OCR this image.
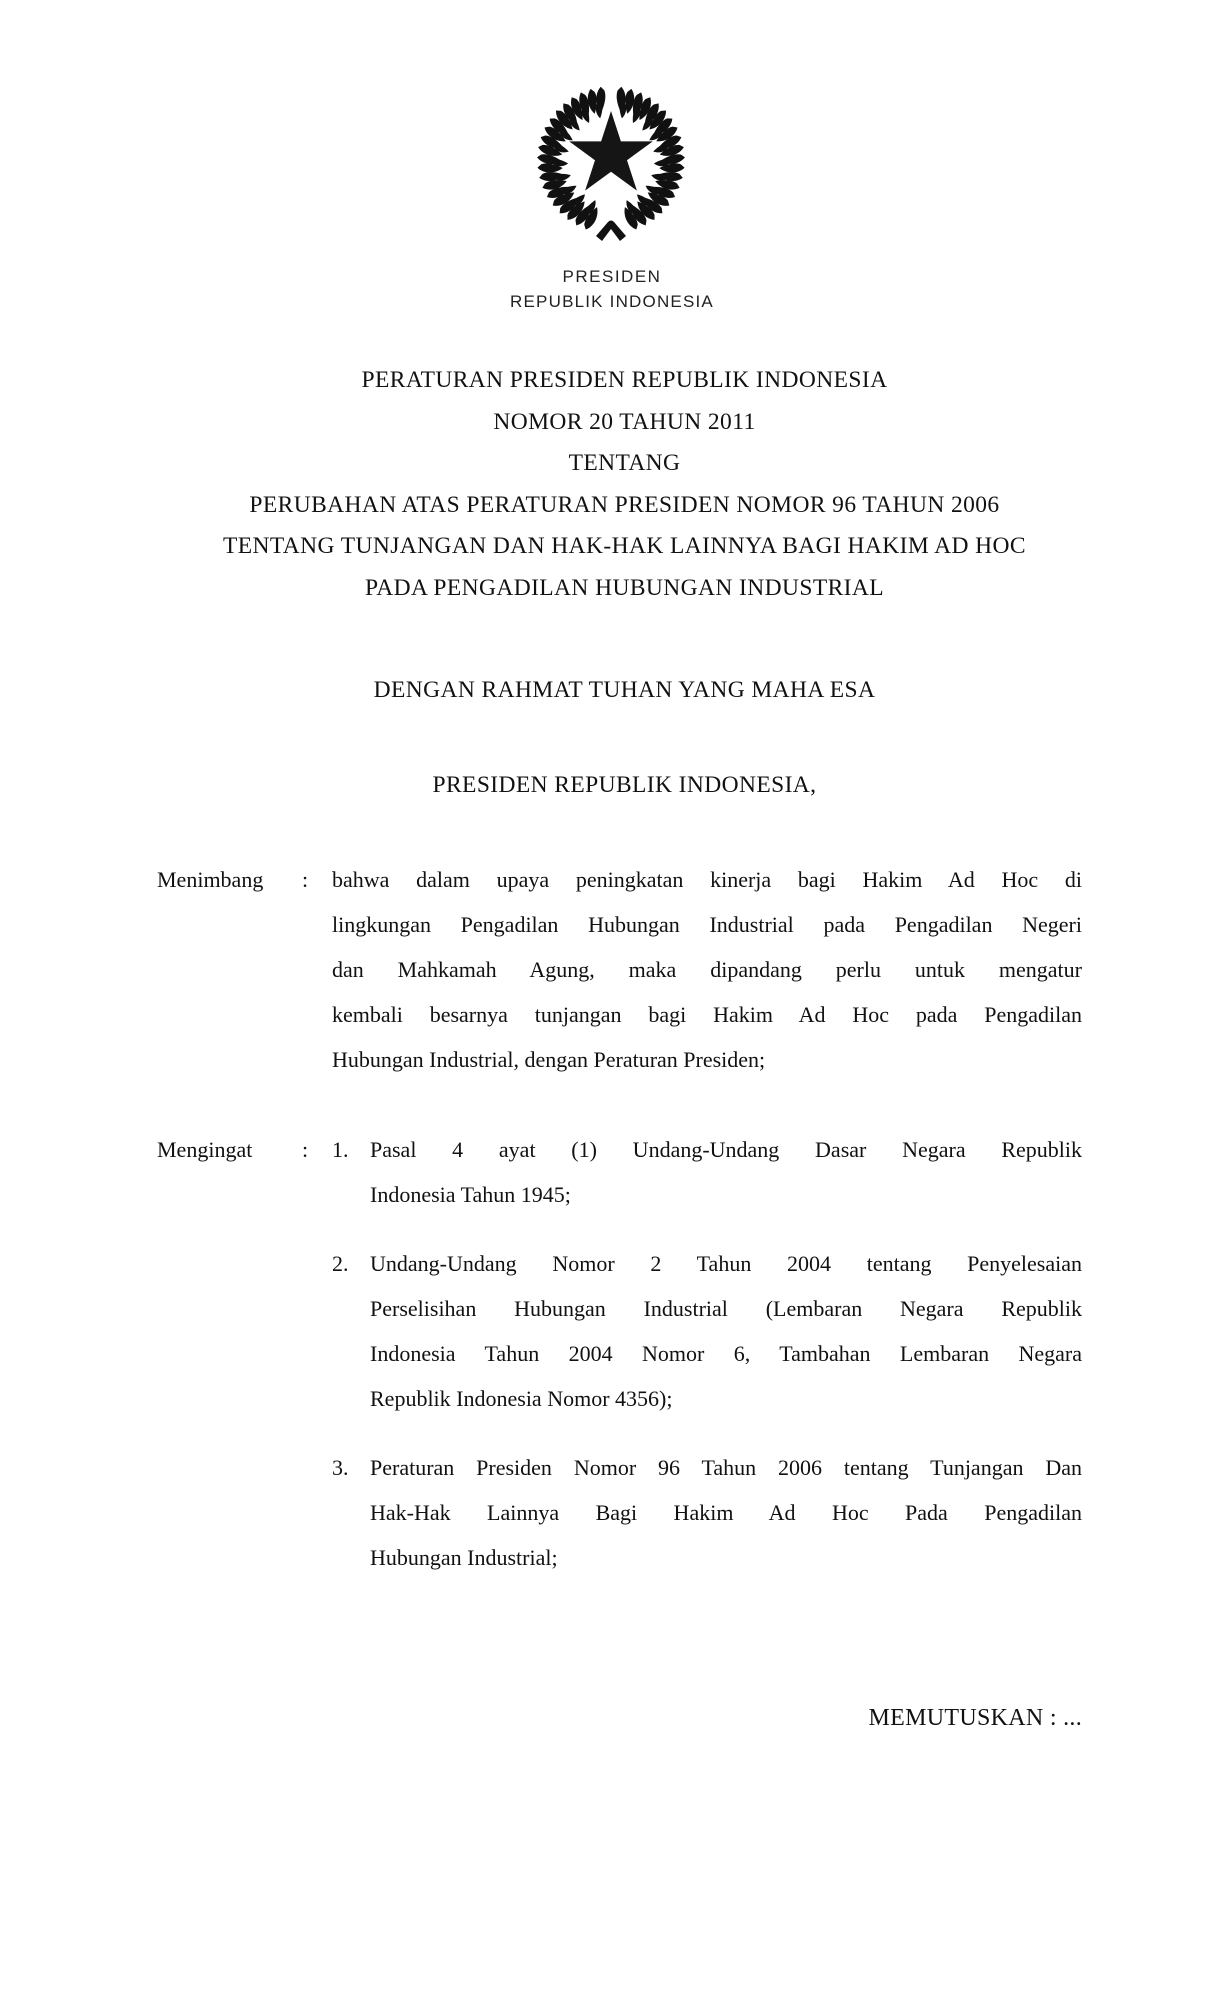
PRESIDEN
REPUBLIK INDONESIA
PERATURAN PRESIDEN REPUBLIK INDONESIA
NOMOR 20 TAHUN 2011
TENTANG
PERUBAHAN ATAS PERATURAN PRESIDEN NOMOR 96 TAHUN 2006
TENTANG TUNJANGAN DAN HAK-HAK LAINNYA BAGI HAKIM AD HOC
PADA PENGADILAN HUBUNGAN INDUSTRIAL
DENGAN RAHMAT TUHAN YANG MAHA ESA
PRESIDEN REPUBLIK INDONESIA,
Menimbang : bahwa dalam upaya peningkatan kinerja bagi Hakim Ad Hoc di
lingkungan Pengadilan Hubungan Industrial pada Pengadilan Negeri
dan Mahkamah Agung, maka dipandang perlu untuk mengatur
kembali besarnya tunjangan bagi Hakim Ad Hoc pada Pengadilan
Hubungan Industrial, dengan Peraturan Presiden;
Mengingat : 1. Pasal 4 ayat (1) Undang-Undang Dasar Negara Republik
Indonesia Tahun 1945;
2. Undang-Undang Nomor 2 Tahun 2004 tentang Penyelesaian
Perselisihan Hubungan Industrial (Lembaran Negara Republik
Indonesia Tahun 2004 Nomor 6, Tambahan Lembaran Negara
Republik Indonesia Nomor 4356);
3. Peraturan Presiden Nomor 96 Tahun 2006 tentang Tunjangan Dan
Hak-Hak Lainnya Bagi Hakim Ad Hoc Pada Pengadilan
Hubungan Industrial;
MEMUTUSKAN : ...
